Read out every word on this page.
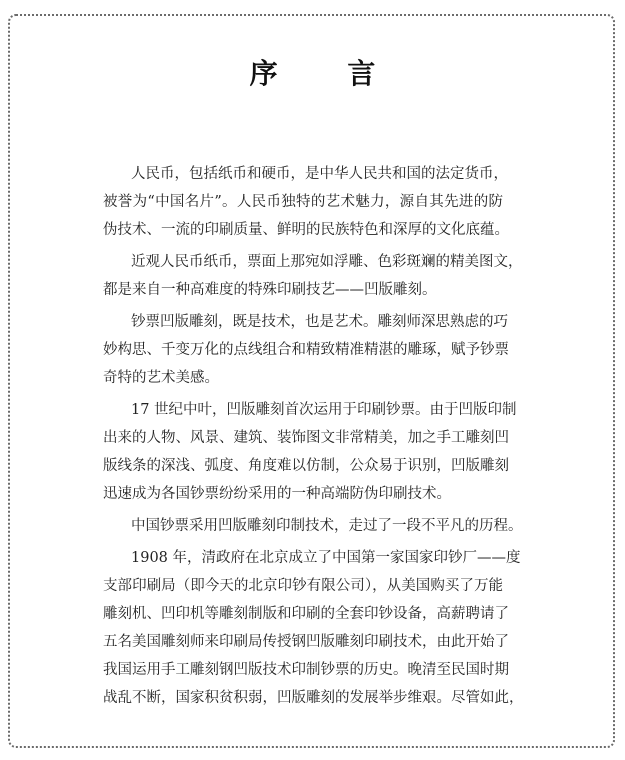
序 言
人民币，包括纸币和硬币，是中华人民共和国的法定货币，
被誉为“中国名片”。人民币独特的艺术魅力，源自其先进的防
伪技术、一流的印刷质量、鲜明的民族特色和深厚的文化底蕴。
近观人民币纸币，票面上那宛如浮雕、色彩斑斓的精美图文，
都是来自一种高难度的特殊印刷技艺——凹版雕刻。
钞票凹版雕刻，既是技术，也是艺术。雕刻师深思熟虑的巧
妙构思、千变万化的点线组合和精致精准精湛的雕琢，赋予钞票
奇特的艺术美感。
17 世纪中叶，凹版雕刻首次运用于印刷钞票。由于凹版印制
出来的人物、风景、建筑、装饰图文非常精美，加之手工雕刻凹
版线条的深浅、弧度、角度难以仿制，公众易于识别，凹版雕刻
迅速成为各国钞票纷纷采用的一种高端防伪印刷技术。
中国钞票采用凹版雕刻印制技术，走过了一段不平凡的历程。
1908 年，清政府在北京成立了中国第一家国家印钞厂——度
支部印刷局（即今天的北京印钞有限公司），从美国购买了万能
雕刻机、凹印机等雕刻制版和印刷的全套印钞设备，高薪聘请了
五名美国雕刻师来印刷局传授钢凹版雕刻印刷技术，由此开始了
我国运用手工雕刻钢凹版技术印制钞票的历史。晚清至民国时期
战乱不断，国家积贫积弱，凹版雕刻的发展举步维艰。尽管如此，
